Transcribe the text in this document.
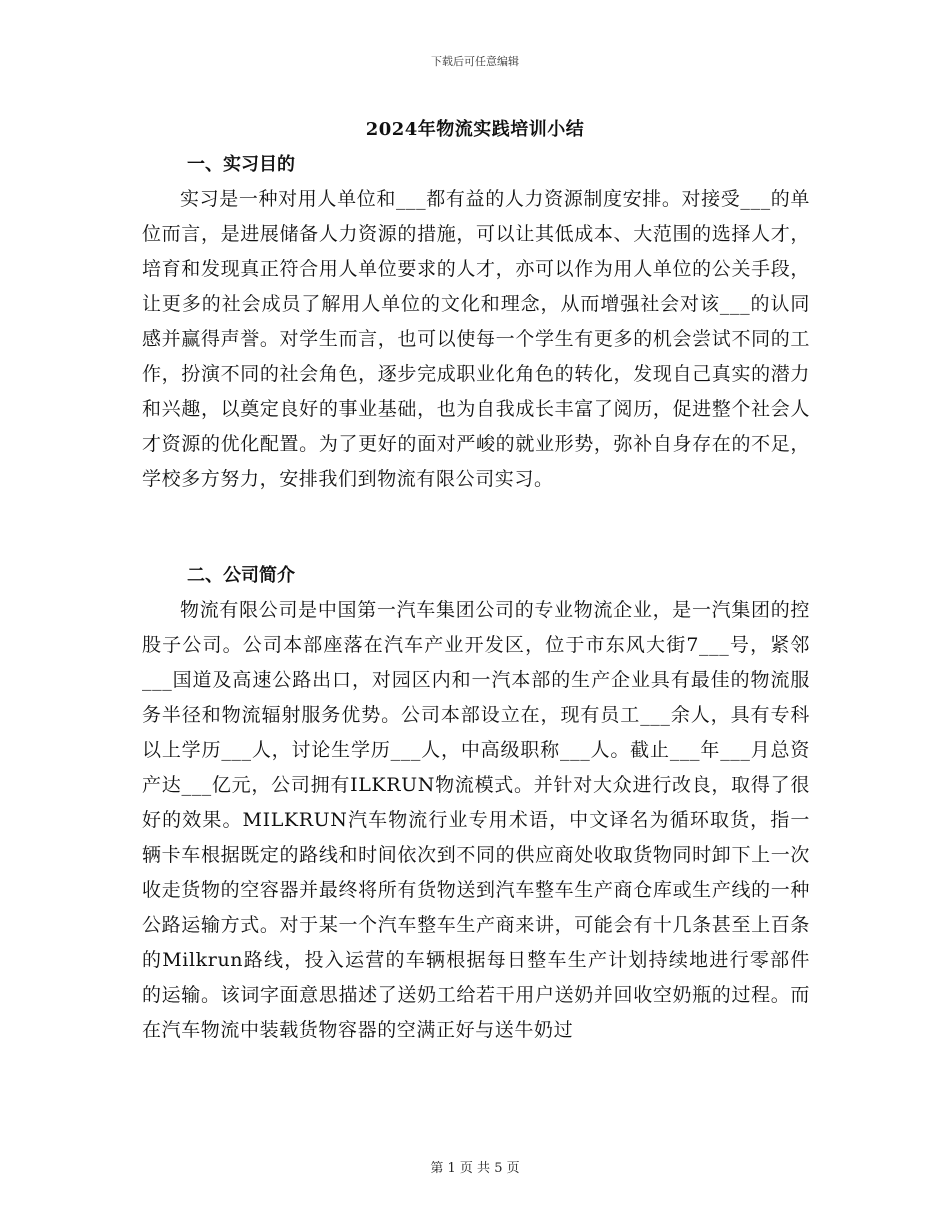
下载后可任意编辑
2024年物流实践培训小结
一、实习目的

实习是一种对用人单位和___都有益的人力资源制度安排。对接受___的单位而言，是进展储备人力资源的措施，可以让其低成本、大范围的选择人才，培育和发现真正符合用人单位要求的人才，亦可以作为用人单位的公关手段，让更多的社会成员了解用人单位的文化和理念，从而增强社会对该___的认同感并赢得声誉。对学生而言，也可以使每一个学生有更多的机会尝试不同的工作，扮演不同的社会角色，逐步完成职业化角色的转化，发现自己真实的潜力和兴趣，以奠定良好的事业基础，也为自我成长丰富了阅历，促进整个社会人才资源的优化配置。为了更好的面对严峻的就业形势，弥补自身存在的不足，学校多方努力，安排我们到物流有限公司实习。

二、公司简介

物流有限公司是中国第一汽车集团公司的专业物流企业，是一汽集团的控股子公司。公司本部座落在汽车产业开发区，位于市东风大街7___号，紧邻___国道及高速公路出口，对园区内和一汽本部的生产企业具有最佳的物流服务半径和物流辐射服务优势。公司本部设立在，现有员工___余人，具有专科以上学历___人，讨论生学历___人，中高级职称___人。截止___年___月总资产达___亿元，公司拥有ILKRUN物流模式。并针对大众进行改良，取得了很好的效果。MILKRUN汽车物流行业专用术语，中文译名为循环取货，指一辆卡车根据既定的路线和时间依次到不同的供应商处收取货物同时卸下上一次收走货物的空容器并最终将所有货物送到汽车整车生产商仓库或生产线的一种公路运输方式。对于某一个汽车整车生产商来讲，可能会有十几条甚至上百条的Milkrun路线，投入运营的车辆根据每日整车生产计划持续地进行零部件的运输。该词字面意思描述了送奶工给若干用户送奶并回收空奶瓶的过程。而在汽车物流中装载货物容器的空满正好与送牛奶过

第 1 页 共 5 页
